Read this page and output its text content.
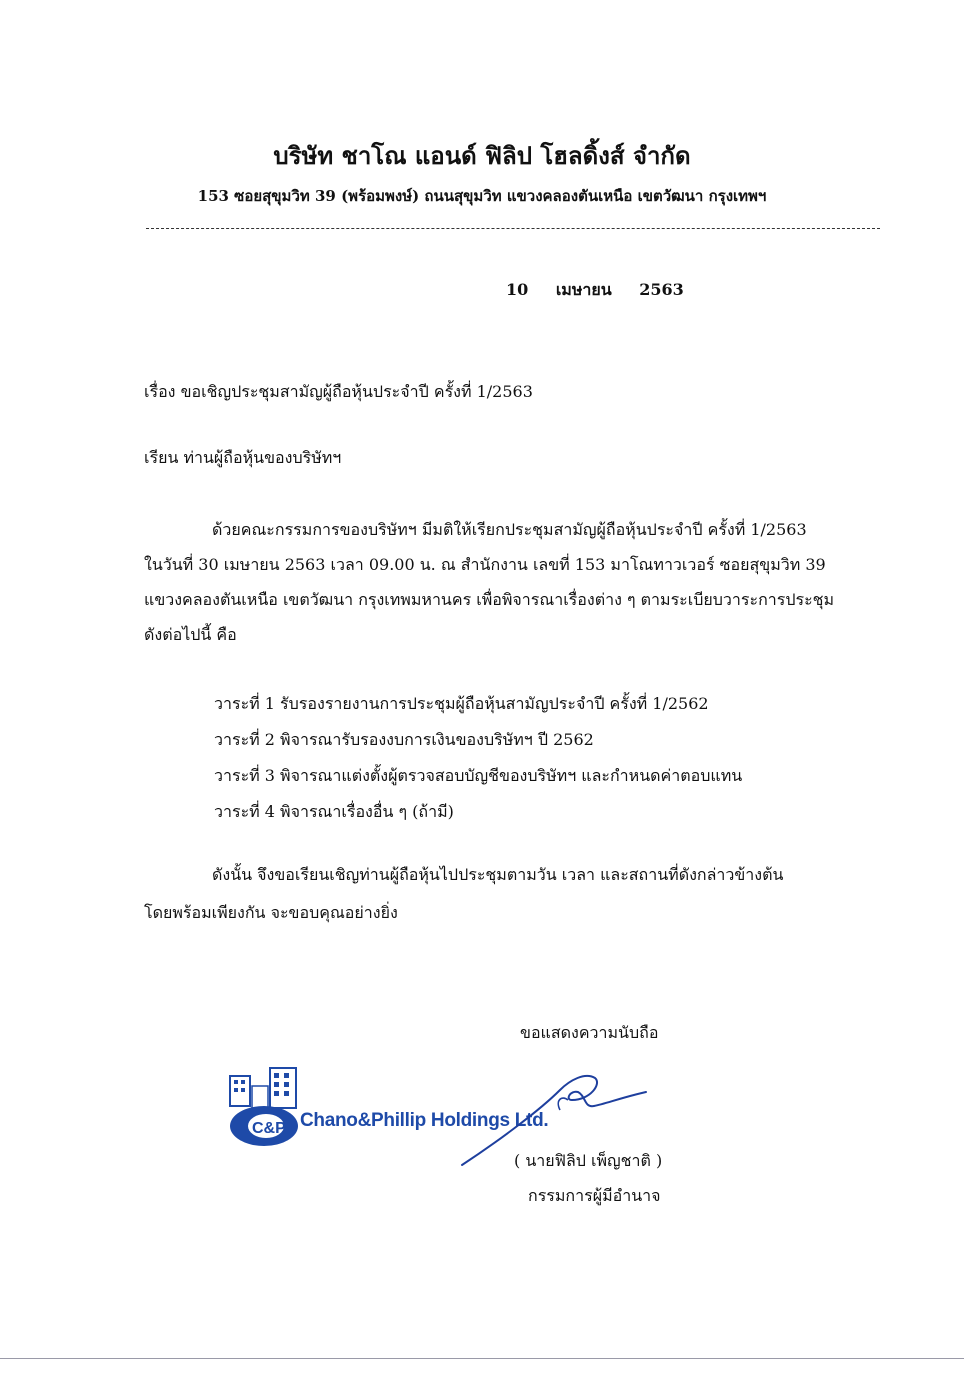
บริษัท ชาโณ แอนด์ ฟิลิป โฮลดิ้งส์ จำกัด
153 ซอยสุขุมวิท 39 (พร้อมพงษ์) ถนนสุขุมวิท แขวงคลองตันเหนือ เขตวัฒนา กรุงเทพฯ
10 เมษายน 2563
เรื่อง ขอเชิญประชุมสามัญผู้ถือหุ้นประจำปี ครั้งที่ 1/2563
เรียน ท่านผู้ถือหุ้นของบริษัทฯ
ด้วยคณะกรรมการของบริษัทฯ มีมติให้เรียกประชุมสามัญผู้ถือหุ้นประจำปี ครั้งที่ 1/2563
ในวันที่ 30 เมษายน 2563 เวลา 09.00 น. ณ สำนักงาน เลขที่ 153 มาโณทาวเวอร์ ซอยสุขุมวิท 39
แขวงคลองตันเหนือ เขตวัฒนา กรุงเทพมหานคร เพื่อพิจารณาเรื่องต่าง ๆ ตามระเบียบวาระการประชุม
ดังต่อไปนี้ คือ
วาระที่ 1 รับรองรายงานการประชุมผู้ถือหุ้นสามัญประจำปี ครั้งที่ 1/2562
วาระที่ 2 พิจารณารับรองงบการเงินของบริษัทฯ ปี 2562
วาระที่ 3 พิจารณาแต่งตั้งผู้ตรวจสอบบัญชีของบริษัทฯ และกำหนดค่าตอบแทน
วาระที่ 4 พิจารณาเรื่องอื่น ๆ (ถ้ามี)
ดังนั้น จึงขอเรียนเชิญท่านผู้ถือหุ้นไปประชุมตามวัน เวลา และสถานที่ดังกล่าวข้างต้น
โดยพร้อมเพียงกัน จะขอบคุณอย่างยิ่ง
ขอแสดงความนับถือ
C&P Chano&Phillip Holdings Ltd.
( นายฟิลิป เพ็ญชาติ )
กรรมการผู้มีอำนาจ
